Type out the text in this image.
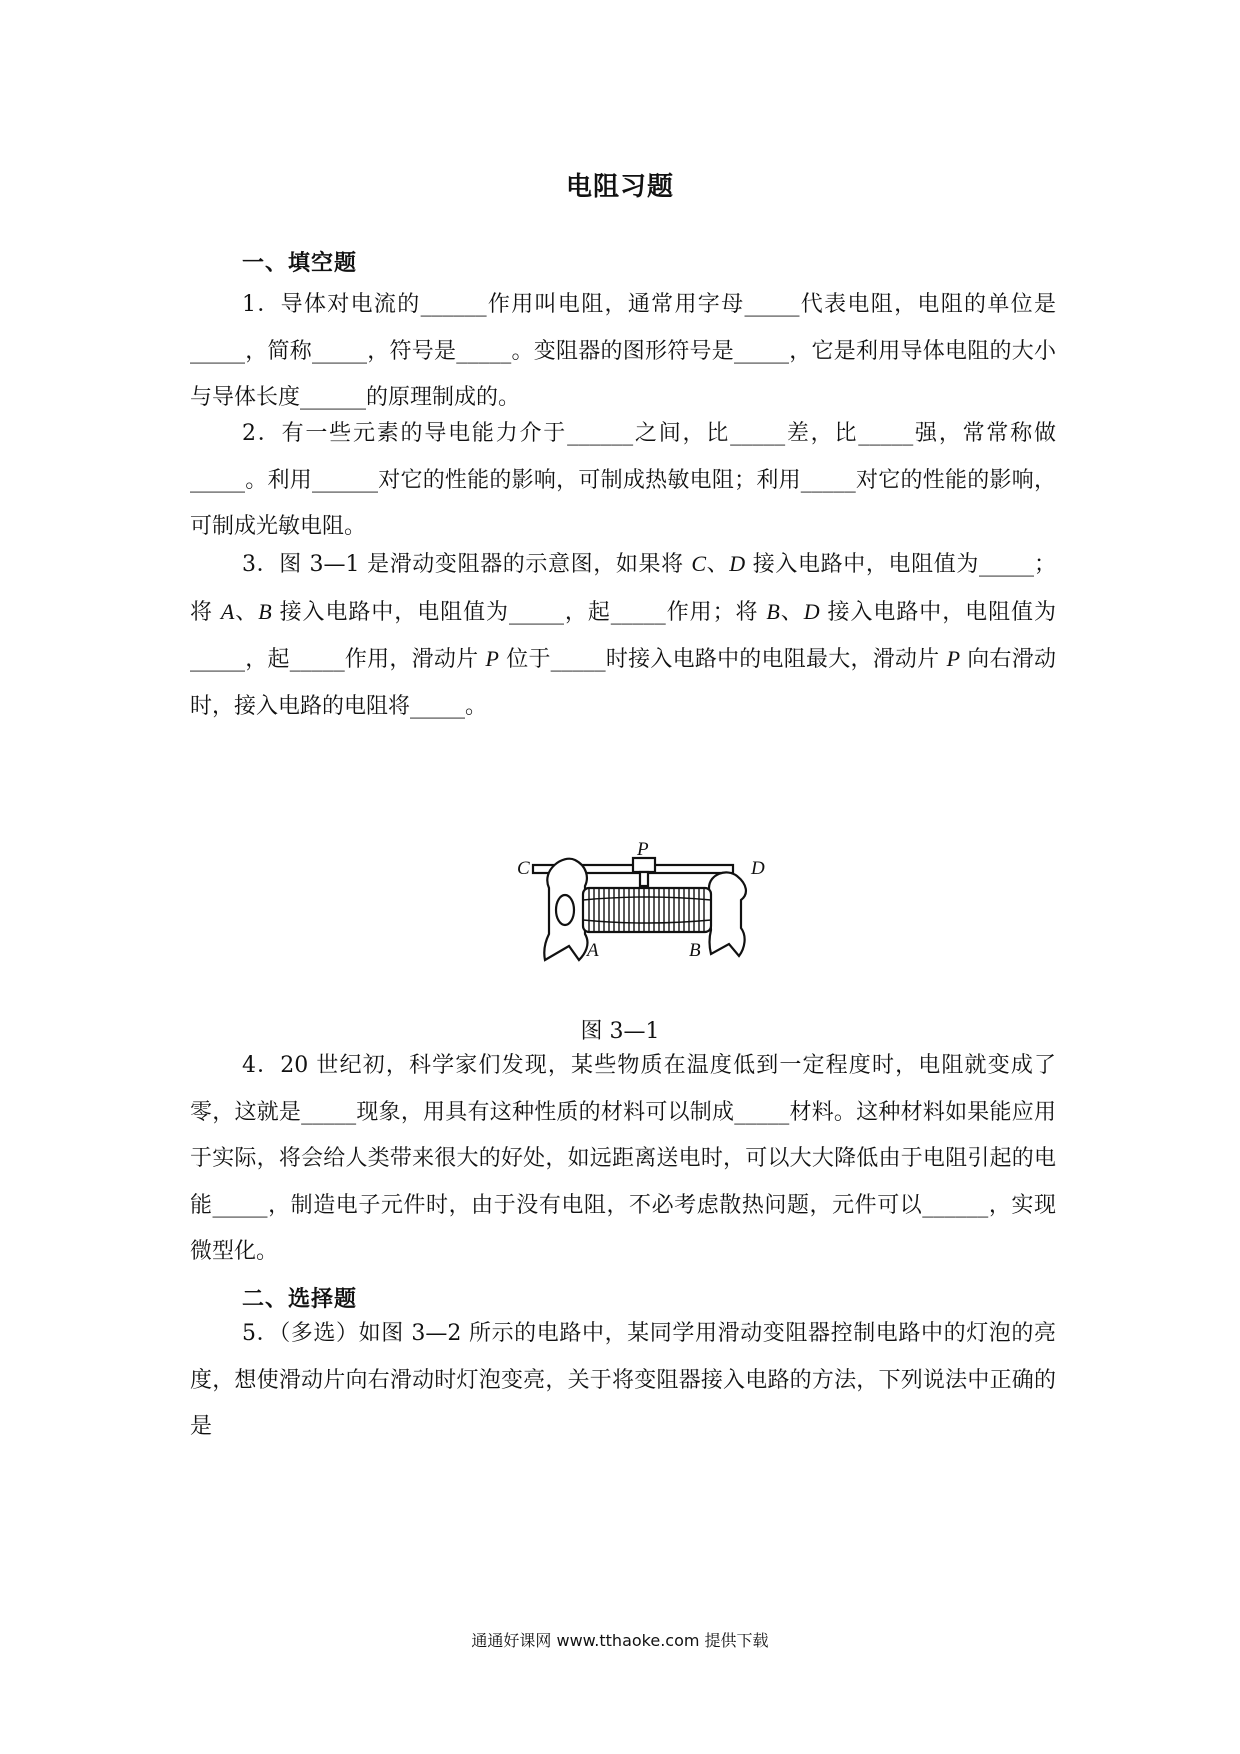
电阻习题
一、填空题

1．导体对电流的______作用叫电阻，通常用字母_____代表电阻，电阻的单位是_____，简称_____，符号是_____。变阻器的图形符号是_____，它是利用导体电阻的大小与导体长度______的原理制成的。

2．有一些元素的导电能力介于______之间，比_____差，比_____强，常常称做_____。利用______对它的性能的影响，可制成热敏电阻；利用_____对它的性能的影响，可制成光敏电阻。

3．图 3—1 是滑动变阻器的示意图，如果将 C、D 接入电路中，电阻值为_____；将 A、B 接入电路中，电阻值为_____，起_____作用；将 B、D 接入电路中，电阻值为_____，起_____作用，滑动片 P 位于_____时接入电路中的电阻最大，滑动片 P 向右滑动时，接入电路的电阻将_____。

C	D
P
A	B
图 3—1

4．20 世纪初，科学家们发现，某些物质在温度低到一定程度时，电阻就变成了零，这就是_____现象，用具有这种性质的材料可以制成_____材料。这种材料如果能应用于实际，将会给人类带来很大的好处，如远距离送电时，可以大大降低由于电阻引起的电能_____，制造电子元件时，由于没有电阻，不必考虑散热问题，元件可以______，实现微型化。

二、选择题

5．（多选）如图 3—2 所示的电路中，某同学用滑动变阻器控制电路中的灯泡的亮度，想使滑动片向右滑动时灯泡变亮，关于将变阻器接入电路的方法，下列说法中正确的是

通通好课网 www.tthaoke.com 提供下载
